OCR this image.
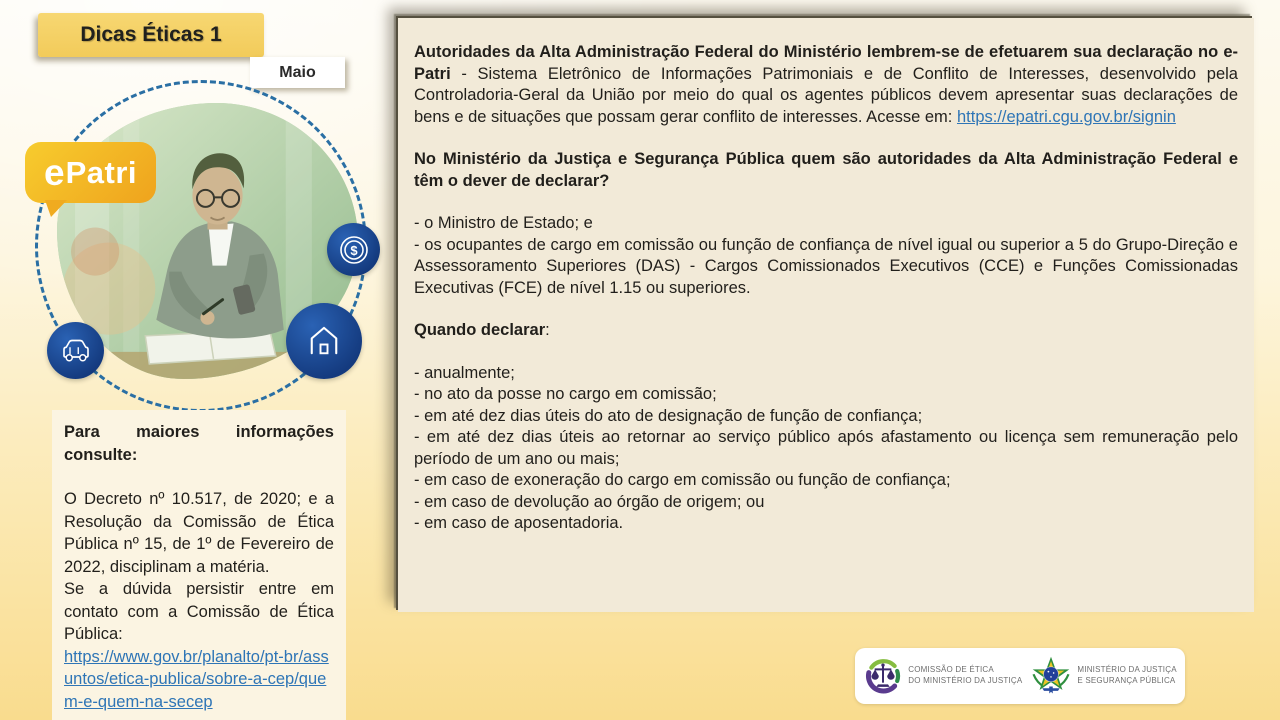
Dicas Éticas 1
Maio
e Patri
$

Autoridades da Alta Administração Federal do Ministério lembrem-se de efetuarem sua declaração no e-Patri - Sistema Eletrônico de Informações Patrimoniais e de Conflito de Interesses, desenvolvido pela Controladoria-Geral da União por meio do qual os agentes públicos devem apresentar suas declarações de bens e de situações que possam gerar conflito de interesses. Acesse em: https://epatri.cgu.gov.br/signin

No Ministério da Justiça e Segurança Pública quem são autoridades da Alta Administração Federal e têm o dever de declarar?

- o Ministro de Estado; e
- os ocupantes de cargo em comissão ou função de confiança de nível igual ou superior a 5 do Grupo-Direção e Assessoramento Superiores (DAS) - Cargos Comissionados Executivos (CCE) e Funções Comissionadas Executivas (FCE) de nível 1.15 ou superiores.

Quando declarar:

- anualmente;

- no ato da posse no cargo em comissão;

- em até dez dias úteis do ato de designação de função de confiança;

- em até dez dias úteis ao retornar ao serviço público após afastamento ou licença sem remuneração pelo período de um ano ou mais;

- em caso de exoneração do cargo em comissão ou função de confiança;

- em caso de devolução ao órgão de origem; ou

- em caso de aposentadoria.

Para maiores informações consulte:

O Decreto nº 10.517, de 2020; e a Resolução da Comissão de Ética Pública nº 15, de 1º de Fevereiro de 2022, disciplinam a matéria.

Se a dúvida persistir entre em contato com a Comissão de Ética Pública:

https://www.gov.br/planalto/pt-br/assuntos/etica-publica/sobre-a-cep/quem-e-quem-na-secep
COMISSÃO DE ÉTICA
DO MINISTÉRIO DA JUSTIÇA
MINISTÉRIO DA JUSTIÇA
E SEGURANÇA PÚBLICA
